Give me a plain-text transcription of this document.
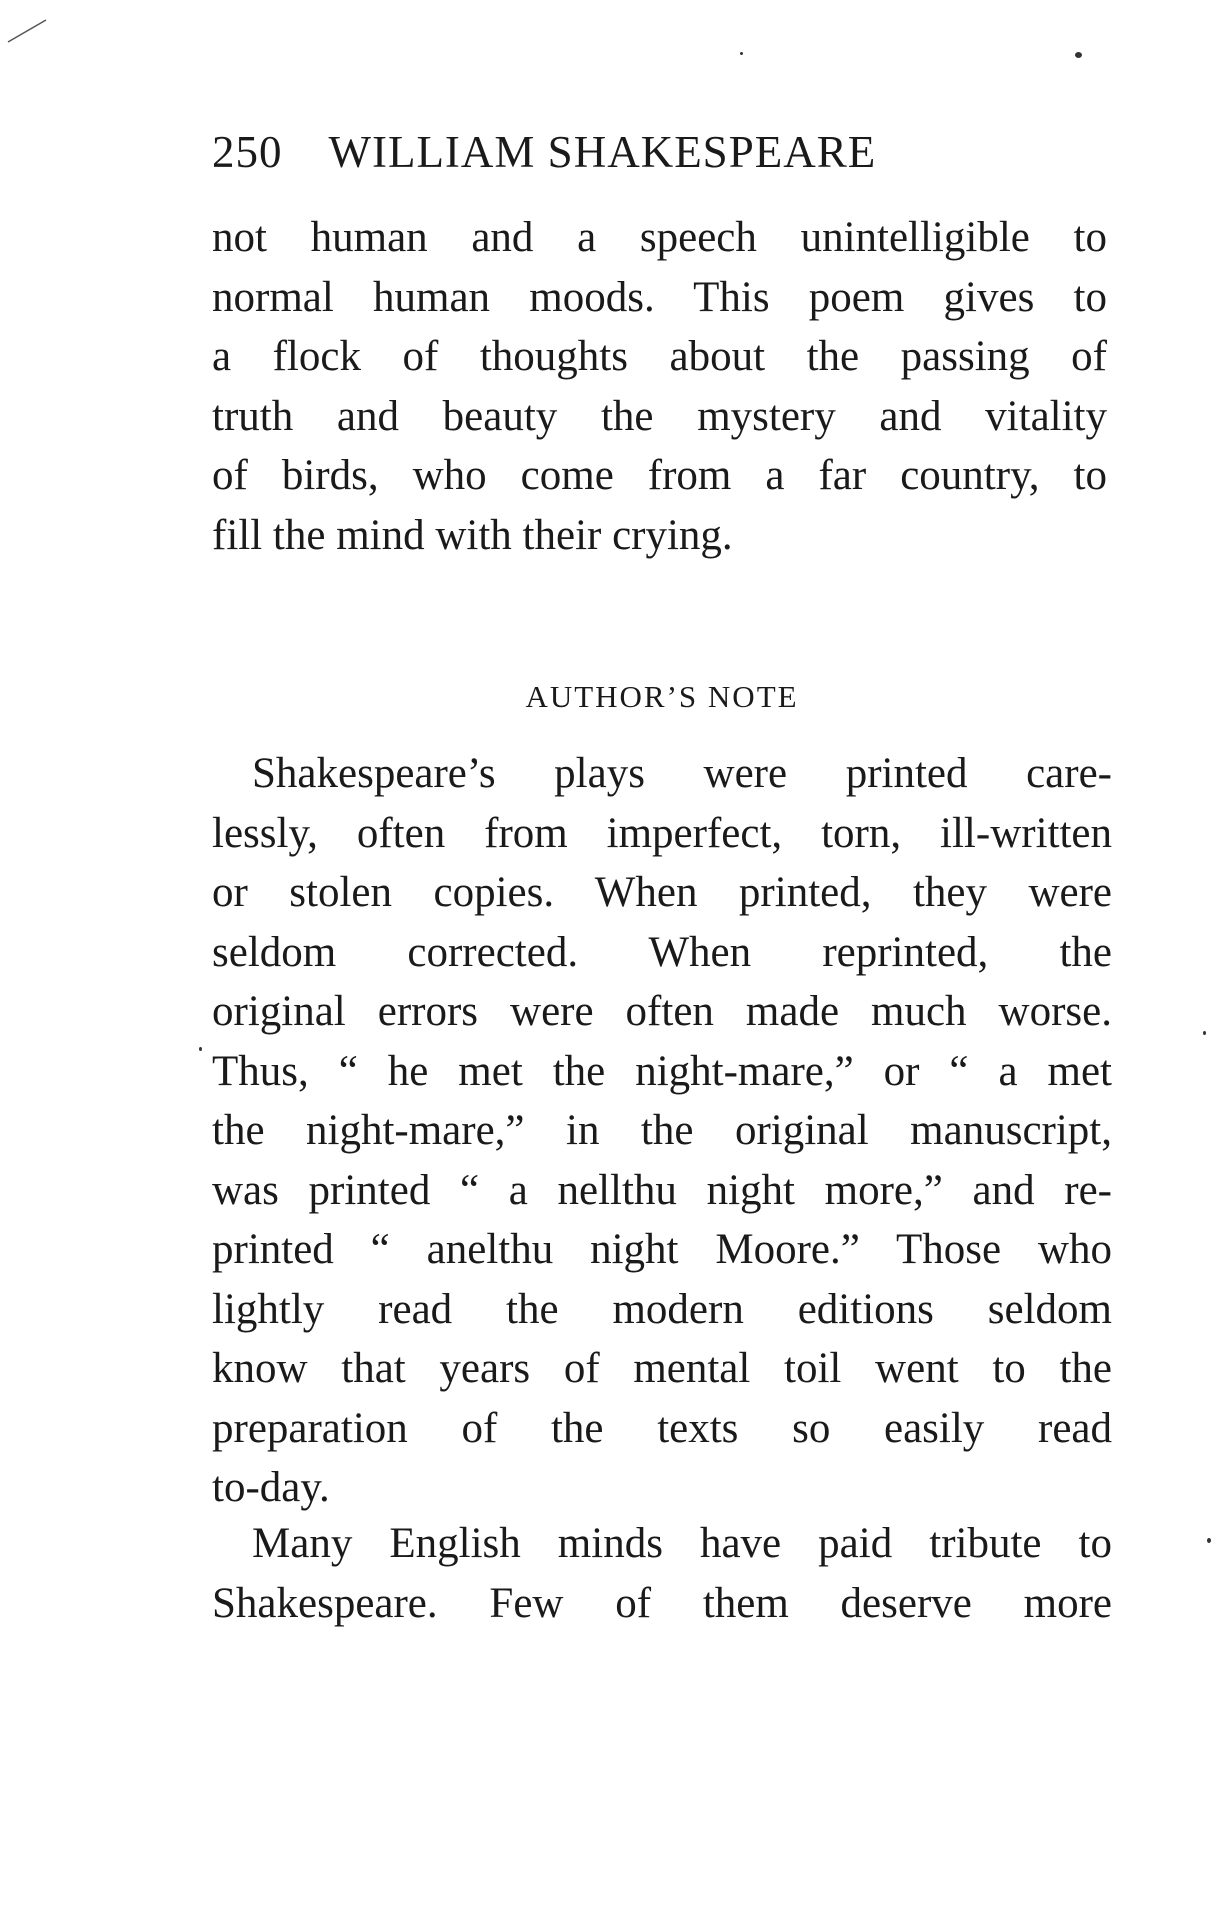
250 WILLIAM SHAKESPEARE
not human and a speech unintelligible to
normal human moods. This poem gives to
a flock of thoughts about the passing of
truth and beauty the mystery and vitality
of birds, who come from a far country, to
fill the mind with their crying.
AUTHOR’S NOTE
Shakespeare’s plays were printed care-
lessly, often from imperfect, torn, ill-written
or stolen copies. When printed, they were
seldom corrected. When reprinted, the
original errors were often made much worse.
Thus, “ he met the night-mare,” or “ a met
the night-mare,” in the original manuscript,
was printed “ a nellthu night more,” and re-
printed “ anelthu night Moore.” Those who
lightly read the modern editions seldom
know that years of mental toil went to the
preparation of the texts so easily read
to-day.
Many English minds have paid tribute to
Shakespeare. Few of them deserve more
